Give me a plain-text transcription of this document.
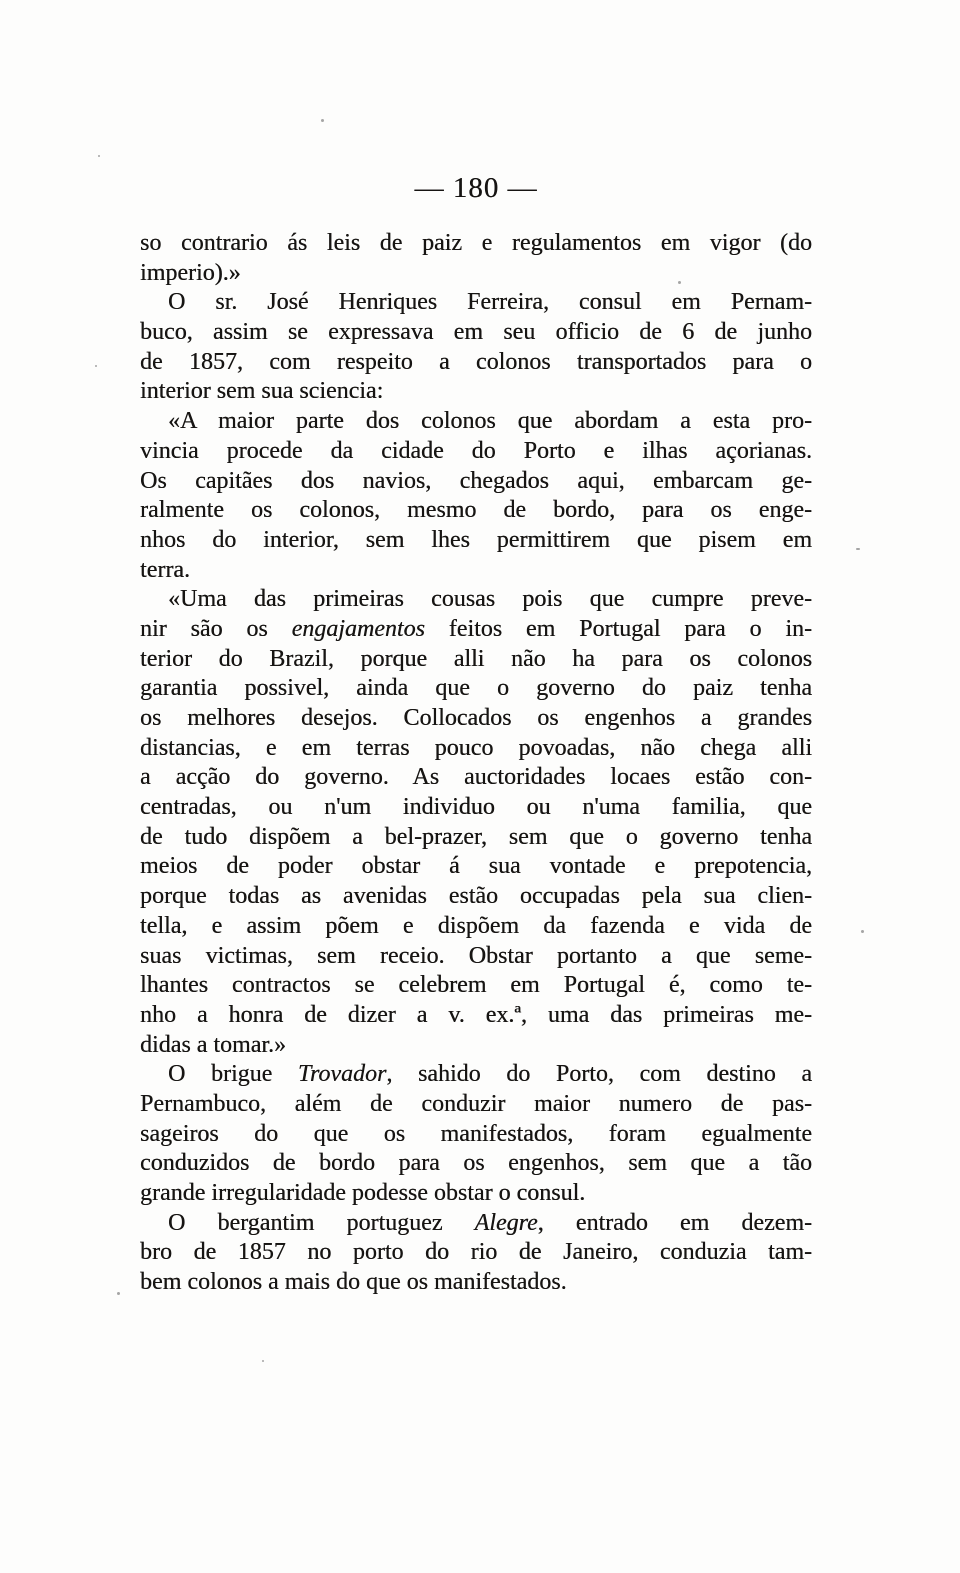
— 180 —
so contrario ás leis de paiz e regulamentos em vigor (do
imperio).»
O sr. José Henriques Ferreira, consul em Pernam-
buco, assim se expressava em seu officio de 6 de junho
de 1857, com respeito a colonos transportados para o
interior sem sua sciencia:
«A maior parte dos colonos que abordam a esta pro-
vincia procede da cidade do Porto e ilhas açorianas.
Os capitães dos navios, chegados aqui, embarcam ge-
ralmente os colonos, mesmo de bordo, para os enge-
nhos do interior, sem lhes permittirem que pisem em
terra.
«Uma das primeiras cousas pois que cumpre preve-
nir são os engajamentos feitos em Portugal para o in-
terior do Brazil, porque alli não ha para os colonos
garantia possivel, ainda que o governo do paiz tenha
os melhores desejos. Collocados os engenhos a grandes
distancias, e em terras pouco povoadas, não chega alli
a acção do governo. As auctoridades locaes estão con-
centradas, ou n'um individuo ou n'uma familia, que
de tudo dispõem a bel-prazer, sem que o governo tenha
meios de poder obstar á sua vontade e prepotencia,
porque todas as avenidas estão occupadas pela sua clien-
tella, e assim põem e dispõem da fazenda e vida de
suas victimas, sem receio. Obstar portanto a que seme-
lhantes contractos se celebrem em Portugal é, como te-
nho a honra de dizer a v. ex.ª, uma das primeiras me-
didas a tomar.»
O brigue Trovador, sahido do Porto, com destino a
Pernambuco, além de conduzir maior numero de pas-
sageiros do que os manifestados, foram egualmente
conduzidos de bordo para os engenhos, sem que a tão
grande irregularidade podesse obstar o consul.
O bergantim portuguez Alegre, entrado em dezem-
bro de 1857 no porto do rio de Janeiro, conduzia tam-
bem colonos a mais do que os manifestados.
